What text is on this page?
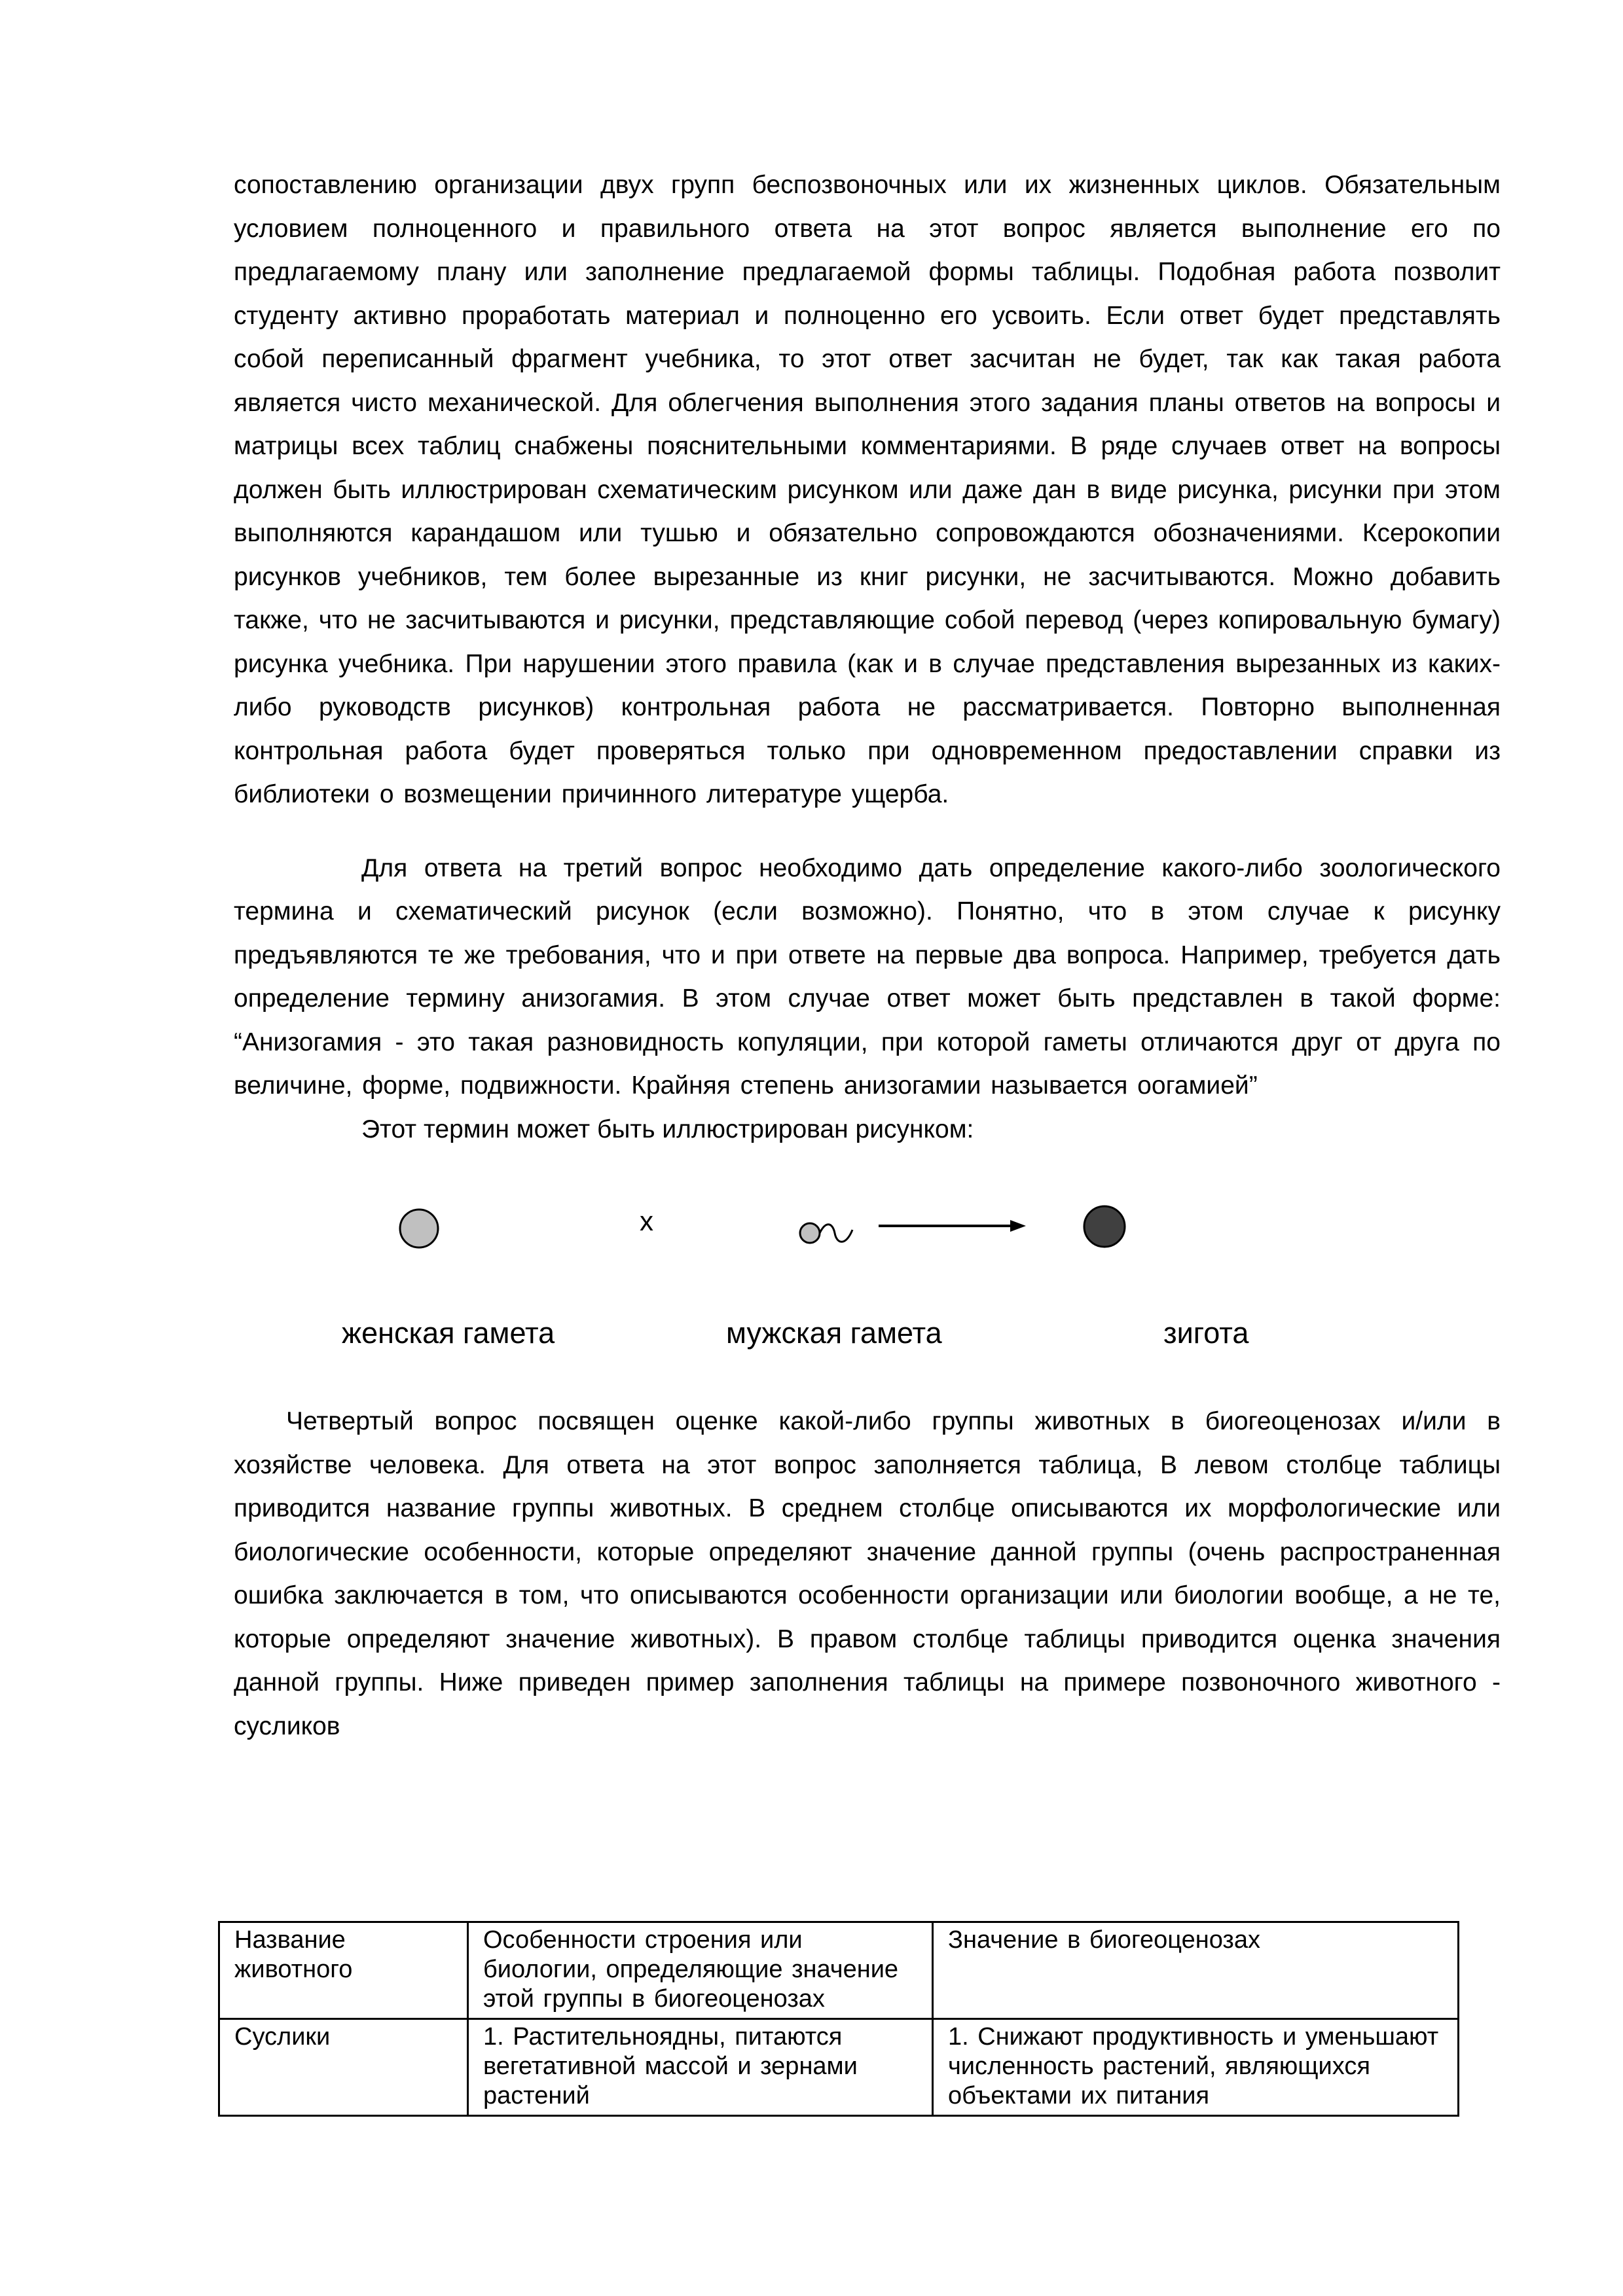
сопоставлению организации двух групп беспозвоночных или их жизненных циклов. Обязательным условием полноценного и правильного ответа на этот вопрос является выполнение его по предлагаемому плану или заполнение предлагаемой формы таблицы. Подобная работа позволит студенту активно проработать материал и полноценно его усвоить. Если ответ будет представлять собой переписанный фрагмент учебника, то этот ответ засчитан не будет, так как такая работа является чисто механической. Для облегчения выполнения этого задания планы ответов на вопросы и матрицы всех таблиц снабжены пояснительными комментариями. В ряде случаев ответ на вопросы должен быть иллюстрирован схематическим рисунком или даже дан в виде рисунка, рисунки при этом выполняются карандашом или тушью и обязательно сопровождаются обозначениями. Ксерокопии рисунков учебников, тем более вырезанные из книг рисунки, не засчитываются. Можно добавить также, что не засчитываются и рисунки, представляющие собой перевод (через копировальную бумагу) рисунка учебника. При нарушении этого правила (как и в случае представления вырезанных из каких-либо руководств рисунков) контрольная работа не рассматривается. Повторно выполненная контрольная работа будет проверяться только при одновременном предоставлении справки из библиотеки о возмещении причинного литературе ущерба.

Для ответа на третий вопрос необходимо дать определение какого-либо зоологического термина и схематический рисунок (если возможно). Понятно, что в этом случае к рисунку предъявляются те же требования, что и при ответе на первые два вопроса. Например, требуется дать определение термину анизогамия. В этом случае ответ может быть представлен в такой форме: “Анизогамия - это такая разновидность копуляции, при которой гаметы отличаются друг от друга по величине, форме, подвижности. Крайняя степень анизогамии называется оогамией”

Этот термин может быть иллюстрирован рисунком:

x
женская гамета	мужская гамета	зигота

Четвертый вопрос посвящен оценке какой-либо группы животных в биогеоценозах и/или в хозяйстве человека. Для ответа на этот вопрос заполняется таблица, В левом столбце таблицы приводится название группы животных. В среднем столбце описываются их морфологические или биологические особенности, которые определяют значение данной группы (очень распространенная ошибка заключается в том, что описываются особенности организации или биологии вообще, а не те, которые определяют значение животных). В правом столбце таблицы приводится оценка значения данной группы. Ниже приведен пример заполнения таблицы на примере позвоночного животного - сусликов

Название животного	Особенности строения или биологии, определяющие значение этой группы в биогеоценозах	Значение в биогеоценозах
Суслики	1. Растительноядны, питаются вегетативной массой и зернами растений	1. Снижают продуктивность и уменьшают численность растений, являющихся объектами их питания
